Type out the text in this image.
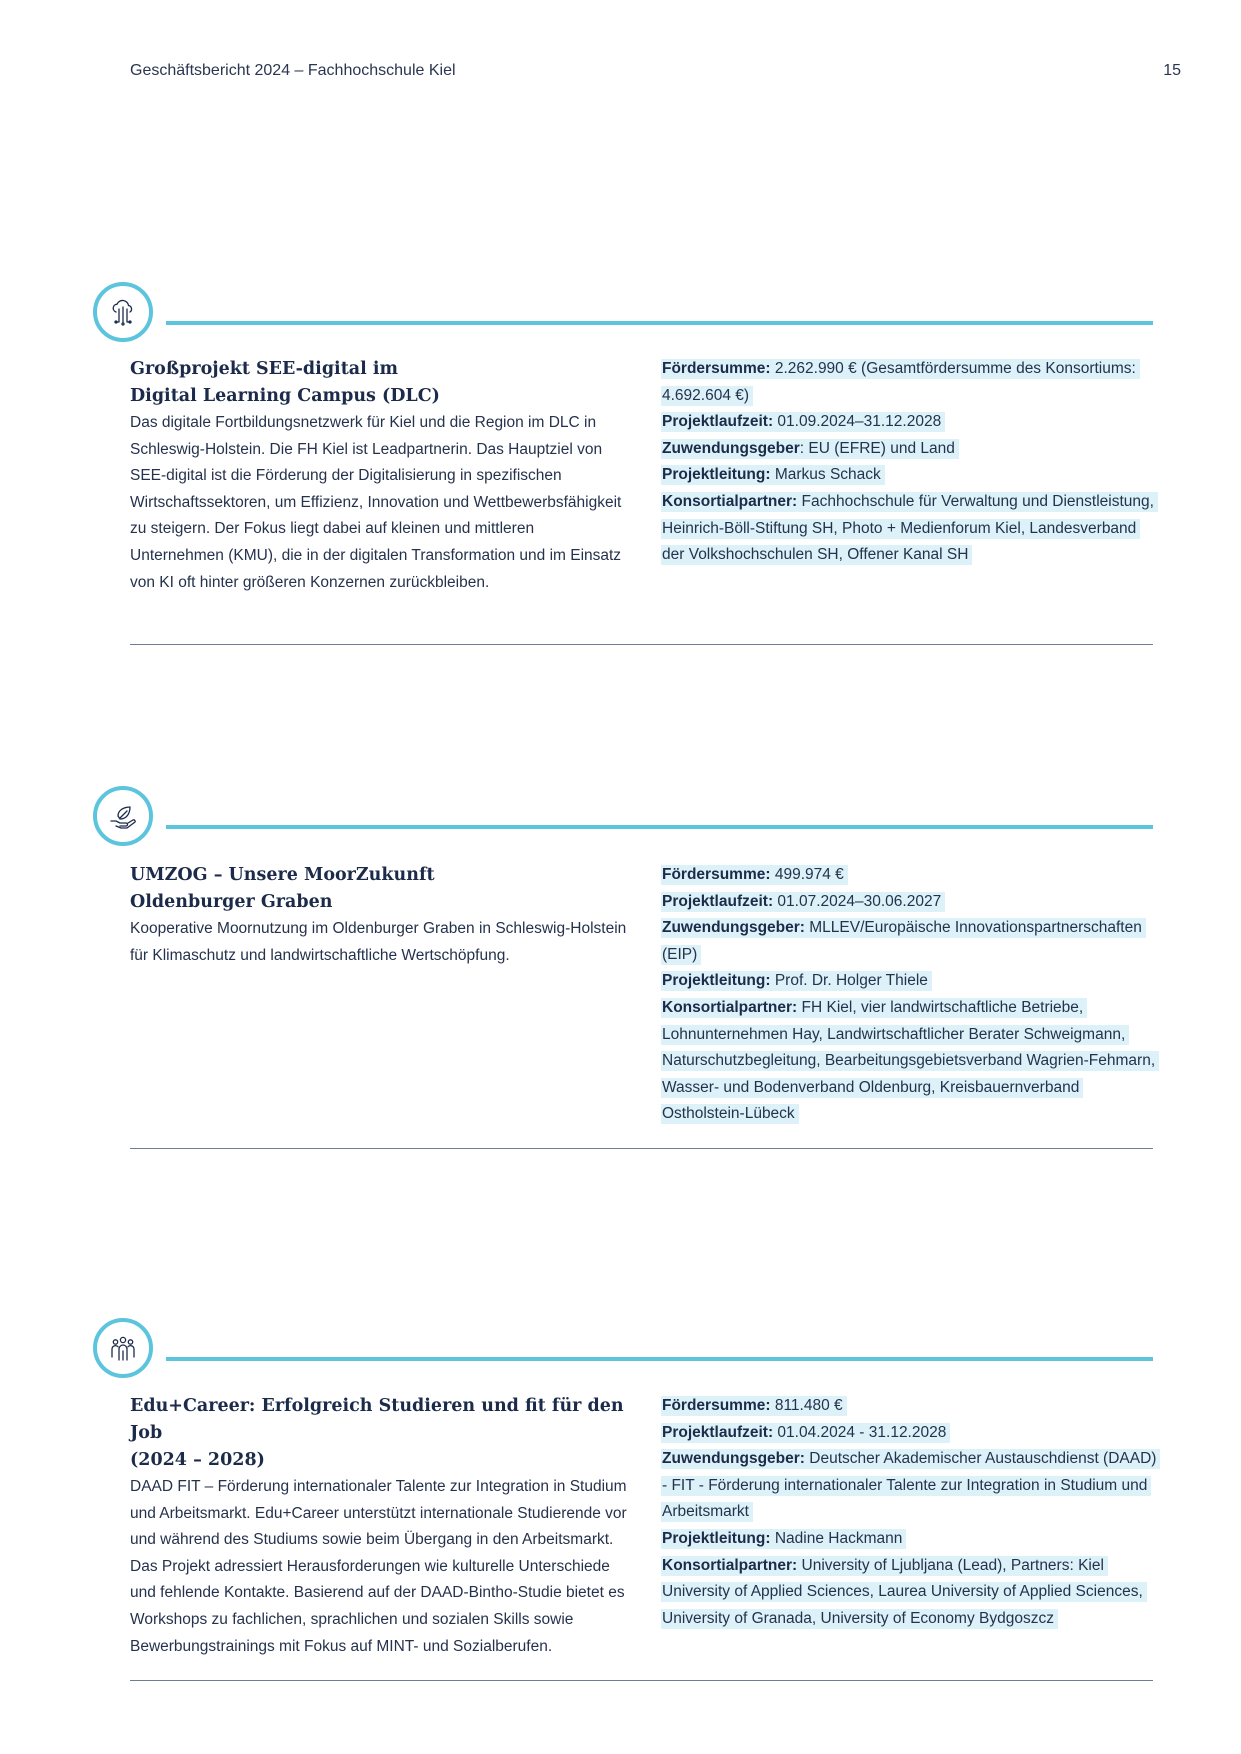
Geschäftsbericht 2024 – Fachhochschule Kiel	15

Großprojekt SEE-digital im
Digital Learning Campus (DLC)

Das digitale Fortbildungsnetzwerk für Kiel und die Region im DLC in Schleswig-Holstein. Die FH Kiel ist Leadpartnerin. Das Hauptziel von SEE-digital ist die Förderung der Digitalisierung in spezifischen Wirtschaftssektoren, um Effizienz, Innovation und Wettbewerbsfähigkeit zu steigern. Der Fokus liegt dabei auf kleinen und mittleren Unternehmen (KMU), die in der digitalen Transformation und im Einsatz von KI oft hinter größeren Konzernen zurückbleiben.

Fördersumme: 2.262.990 € (Gesamtfördersumme des Konsortiums: 4.692.604 €)
Projektlaufzeit: 01.09.2024–31.12.2028
Zuwendungsgeber: EU (EFRE) und Land
Projektleitung: Markus Schack
Konsortialpartner: Fachhochschule für Verwaltung und Dienstleistung, Heinrich-Böll-Stiftung SH, Photo + Medienforum Kiel, Landesverband der Volkshochschulen SH, Offener Kanal SH

UMZOG – Unsere MoorZukunft
Oldenburger Graben

Kooperative Moornutzung im Oldenburger Graben in Schleswig-Holstein für Klimaschutz und landwirtschaftliche Wertschöpfung.

Fördersumme: 499.974 €
Projektlaufzeit: 01.07.2024–30.06.2027
Zuwendungsgeber: MLLEV/Europäische Innovationspartnerschaften (EIP)
Projektleitung: Prof. Dr. Holger Thiele
Konsortialpartner: FH Kiel, vier landwirtschaftliche Betriebe, Lohnunternehmen Hay, Landwirtschaftlicher Berater Schweigmann, Naturschutzbegleitung, Bearbeitungsgebietsverband Wagrien-Fehmarn, Wasser- und Bodenverband Oldenburg, Kreisbauernverband Ostholstein-Lübeck

Edu+Career: Erfolgreich Studieren und fit für den Job
(2024 – 2028)

DAAD FIT – Förderung internationaler Talente zur Integration in Studium und Arbeitsmarkt. Edu+Career unterstützt internationale Studierende vor und während des Studiums sowie beim Übergang in den Arbeitsmarkt. Das Projekt adressiert Herausforderungen wie kulturelle Unterschiede und fehlende Kontakte. Basierend auf der DAAD-Bintho-Studie bietet es Workshops zu fachlichen, sprachlichen und sozialen Skills sowie Bewerbungstrainings mit Fokus auf MINT- und Sozialberufen.

Fördersumme: 811.480 €
Projektlaufzeit: 01.04.2024 - 31.12.2028
Zuwendungsgeber: Deutscher Akademischer Austauschdienst (DAAD) - FIT - Förderung internationaler Talente zur Integration in Studium und Arbeitsmarkt
Projektleitung: Nadine Hackmann
Konsortialpartner: University of Ljubljana (Lead), Partners: Kiel University of Applied Sciences, Laurea University of Applied Sciences, University of Granada, University of Economy Bydgoszcz
